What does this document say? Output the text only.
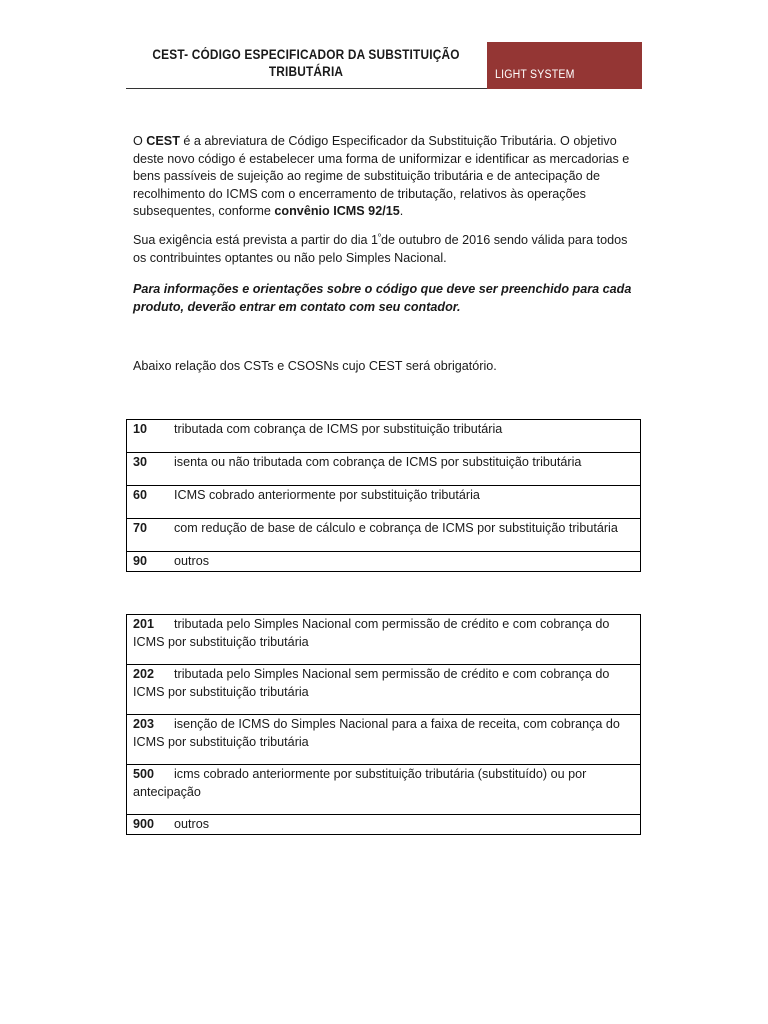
CEST- CÓDIGO ESPECIFICADOR DA SUBSTITUIÇÃO
TRIBUTÁRIA	LIGHT SYSTEM
O CEST é a abreviatura de Código Especificador da Substituição Tributária. O objetivo deste novo código é estabelecer uma forma de uniformizar e identificar as mercadorias e bens passíveis de sujeição ao regime de substituição tributária e de antecipação de recolhimento do ICMS com o encerramento de tributação, relativos às operações subsequentes, conforme convênio ICMS 92/15.
Sua exigência está prevista a partir do dia $1^ºde$ outubro de 2016 sendo válida para todos os contribuintes optantes ou não pelo Simples Nacional.
Para informações e orientações sobre o código que deve ser preenchido para cada produto, deverão entrar em contato com seu contador.
Abaixo relação dos CSTs e CSOSNs cujo CEST será obrigatório.
10 tributada com cobrança de ICMS por substituição tributária
30 isenta ou não tributada com cobrança de ICMS por substituição tributária
60 ICMS cobrado anteriormente por substituição tributária
70 com redução de base de cálculo e cobrança de ICMS por substituição tributária
90 outros
201 tributada pelo Simples Nacional com permissão de crédito e com cobrança do ICMS por substituição tributária
202 tributada pelo Simples Nacional sem permissão de crédito e com cobrança do ICMS por substituição tributária
203 isenção de ICMS do Simples Nacional para a faixa de receita, com cobrança do ICMS por substituição tributária
500 icms cobrado anteriormente por substituição tributária (substituído) ou por antecipação
900 outros
